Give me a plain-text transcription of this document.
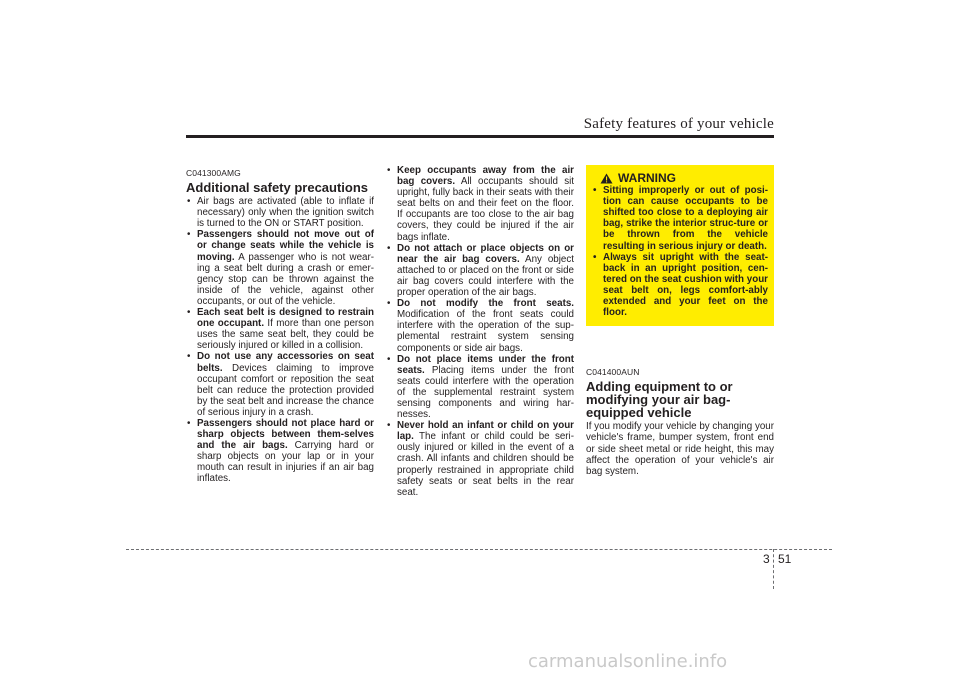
Safety features of your vehicle
C041300AMG
Additional safety precautions
• Air bags are activated (able to inflate if necessary) only when the ignition switch is turned to the ON or START position.
• Passengers should not move out of or change seats while the vehicle is moving. A passenger who is not wear-ing a seat belt during a crash or emer-gency stop can be thrown against the inside of the vehicle, against other occupants, or out of the vehicle.
• Each seat belt is designed to restrain one occupant. If more than one person uses the same seat belt, they could be seriously injured or killed in a collision.
• Do not use any accessories on seat belts. Devices claiming to improve occupant comfort or reposition the seat belt can reduce the protection provided by the seat belt and increase the chance of serious injury in a crash.
• Passengers should not place hard or sharp objects between them-selves and the air bags. Carrying hard or sharp objects on your lap or in your mouth can result in injuries if an air bag inflates.
• Keep occupants away from the air bag covers. All occupants should sit upright, fully back in their seats with their seat belts on and their feet on the floor. If occupants are too close to the air bag covers, they could be injured if the air bags inflate.
• Do not attach or place objects on or near the air bag covers. Any object attached to or placed on the front or side air bag covers could interfere with the proper operation of the air bags.
• Do not modify the front seats. Modification of the front seats could interfere with the operation of the sup-plemental restraint system sensing components or side air bags.
• Do not place items under the front seats. Placing items under the front seats could interfere with the operation of the supplemental restraint system sensing components and wiring har-nesses.
• Never hold an infant or child on your lap. The infant or child could be seri-ously injured or killed in the event of a crash. All infants and children should be properly restrained in appropriate child safety seats or seat belts in the rear seat.
WARNING
• Sitting improperly or out of posi-tion can cause occupants to be shifted too close to a deploying air bag, strike the interior struc-ture or be thrown from the vehicle resulting in serious injury or death.
• Always sit upright with the seat-back in an upright position, cen-tered on the seat cushion with your seat belt on, legs comfort-ably extended and your feet on the floor.
C041400AUN
Adding equipment to or modifying your air bag-equipped vehicle
If you modify your vehicle by changing your vehicle's frame, bumper system, front end or side sheet metal or ride height, this may affect the operation of your vehicle's air bag system.
3 51
carmanualsonline.info
